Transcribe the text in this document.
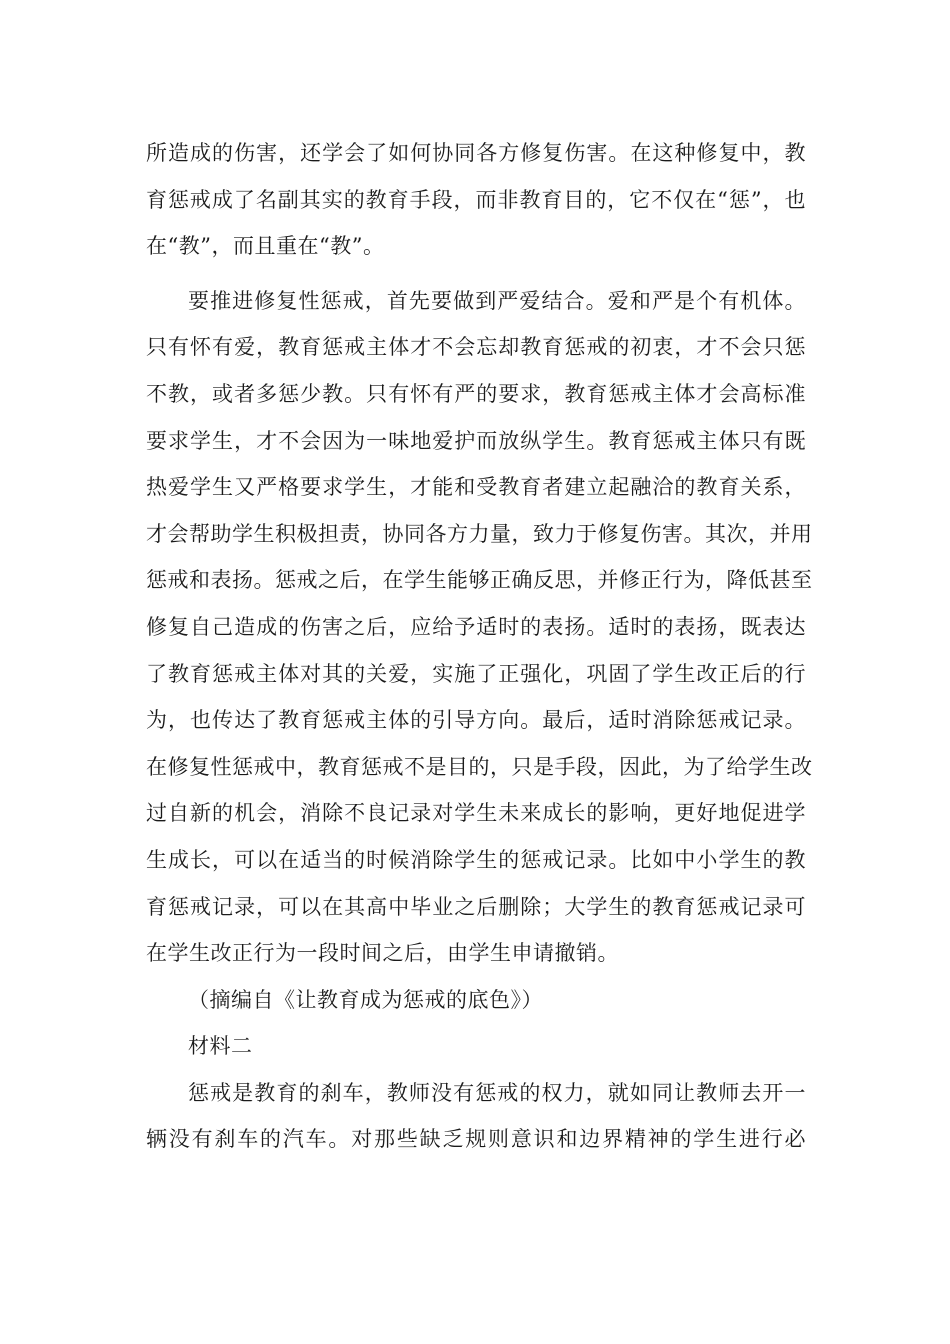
所造成的伤害，还学会了如何协同各方修复伤害。在这种修复中，教
育惩戒成了名副其实的教育手段，而非教育目的，它不仅在“惩”，也
在“教”，而且重在“教”。
要推进修复性惩戒，首先要做到严爱结合。爱和严是个有机体。
只有怀有爱，教育惩戒主体才不会忘却教育惩戒的初衷，才不会只惩
不教，或者多惩少教。只有怀有严的要求，教育惩戒主体才会高标准
要求学生，才不会因为一味地爱护而放纵学生。教育惩戒主体只有既
热爱学生又严格要求学生，才能和受教育者建立起融洽的教育关系，
才会帮助学生积极担责，协同各方力量，致力于修复伤害。其次，并用
惩戒和表扬。惩戒之后，在学生能够正确反思，并修正行为，降低甚至
修复自己造成的伤害之后，应给予适时的表扬。适时的表扬，既表达
了教育惩戒主体对其的关爱，实施了正强化，巩固了学生改正后的行
为，也传达了教育惩戒主体的引导方向。最后，适时消除惩戒记录。
在修复性惩戒中，教育惩戒不是目的，只是手段，因此，为了给学生改
过自新的机会，消除不良记录对学生未来成长的影响，更好地促进学
生成长，可以在适当的时候消除学生的惩戒记录。比如中小学生的教
育惩戒记录，可以在其高中毕业之后删除；大学生的教育惩戒记录可
在学生改正行为一段时间之后，由学生申请撤销。
（摘编自《让教育成为惩戒的底色》）
材料二
惩戒是教育的刹车，教师没有惩戒的权力，就如同让教师去开一
辆没有刹车的汽车。对那些缺乏规则意识和边界精神的学生进行必
